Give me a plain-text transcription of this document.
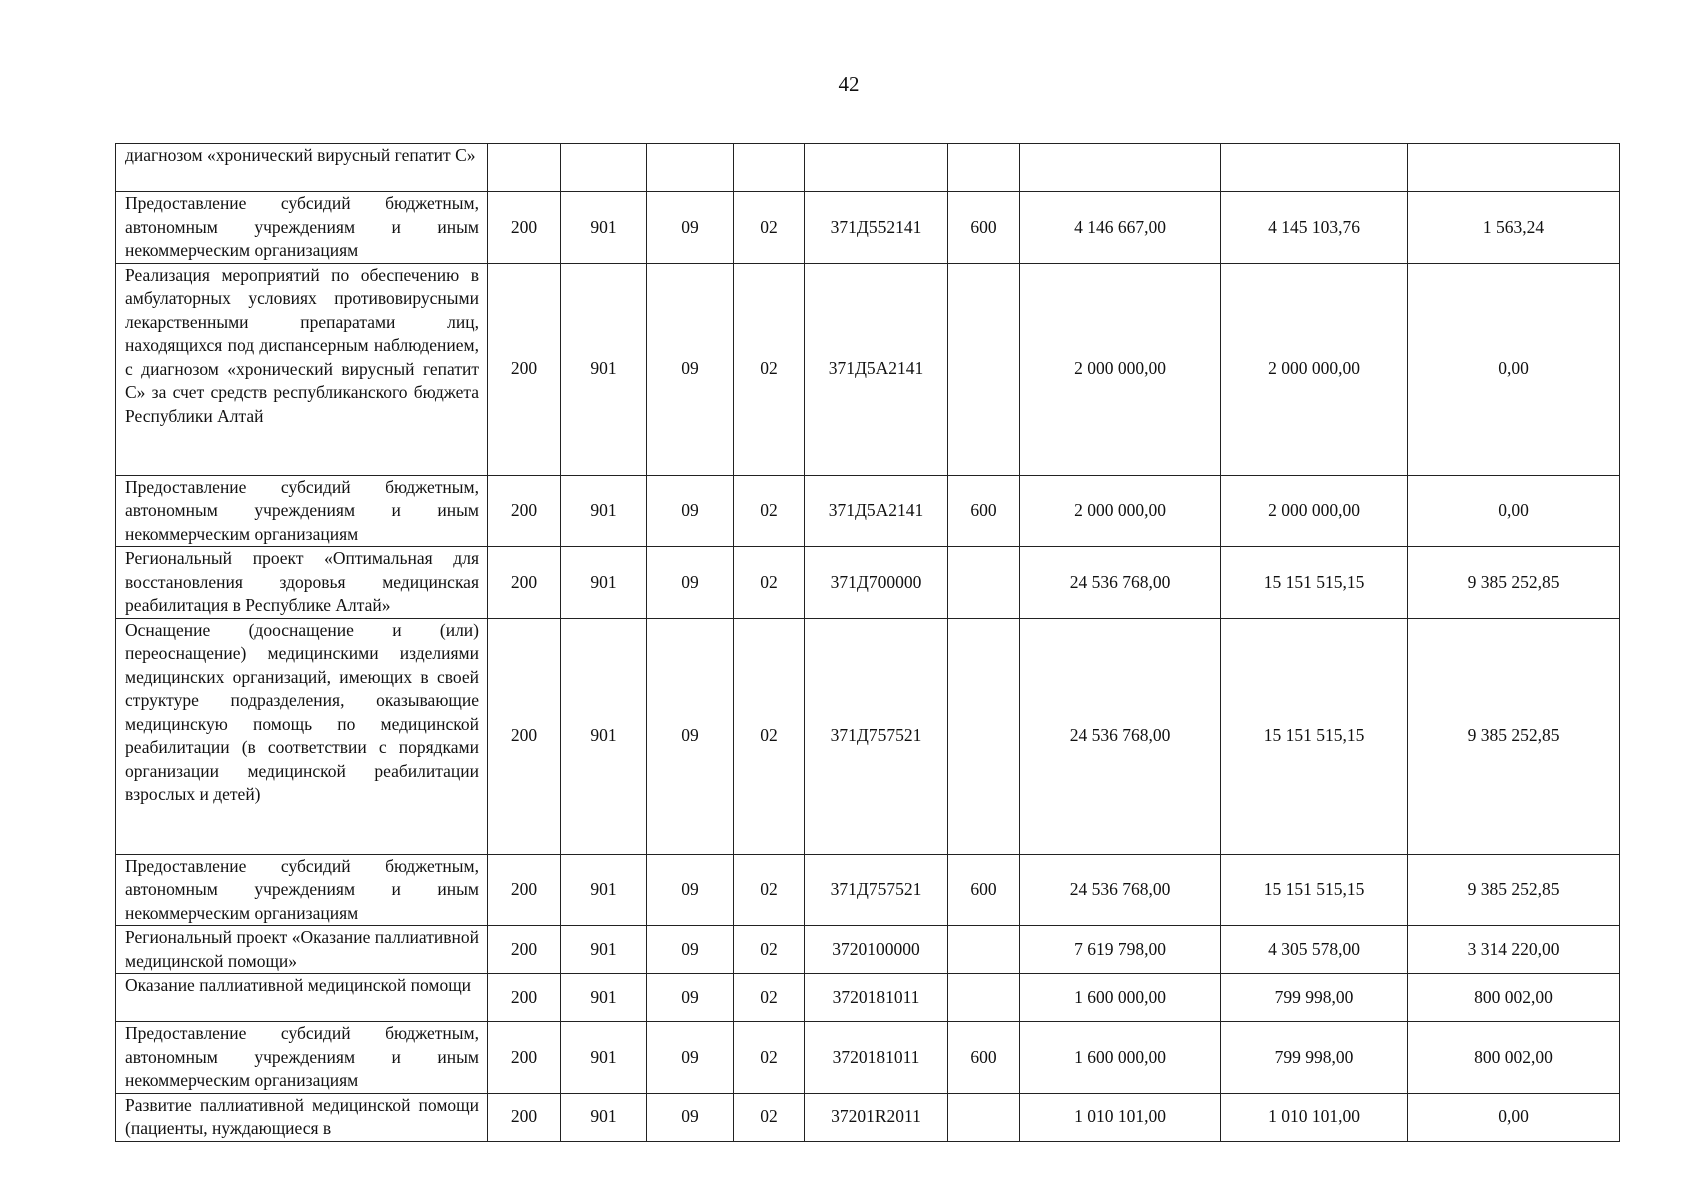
42
диагнозом «хронический вирусный гепатит С»									

Предоставление субсидий бюджетным, автономным учреждениям и иным некоммерческим организациям	200	901	09	02	371Д552141	600	4 146 667,00	4 145 103,76	1 563,24

Реализация мероприятий по обеспечению в амбулаторных условиях противовирусными лекарственными препаратами лиц, находящихся под диспансерным наблюдением, с диагнозом «хронический вирусный гепатит С» за счет средств республиканского бюджета Республики Алтай	200	901	09	02	371Д5А2141		2 000 000,00	2 000 000,00	0,00

Предоставление субсидий бюджетным, автономным учреждениям и иным некоммерческим организациям	200	901	09	02	371Д5А2141	600	2 000 000,00	2 000 000,00	0,00

Региональный проект «Оптимальная для восстановления здоровья медицинская реабилитация в Республике Алтай»	200	901	09	02	371Д700000		24 536 768,00	15 151 515,15	9 385 252,85

Оснащение (дооснащение и (или) переоснащение) медицинскими изделиями медицинских организаций, имеющих в своей структуре подразделения, оказывающие медицинскую помощь по медицинской реабилитации (в соответствии с порядками организации медицинской реабилитации взрослых и детей)	200	901	09	02	371Д757521		24 536 768,00	15 151 515,15	9 385 252,85

Предоставление субсидий бюджетным, автономным учреждениям и иным некоммерческим организациям	200	901	09	02	371Д757521	600	24 536 768,00	15 151 515,15	9 385 252,85

Региональный проект «Оказание паллиативной медицинской помощи»	200	901	09	02	3720100000		7 619 798,00	4 305 578,00	3 314 220,00

Оказание паллиативной медицинской помощи	200	901	09	02	3720181011		1 600 000,00	799 998,00	800 002,00

Предоставление субсидий бюджетным, автономным учреждениям и иным некоммерческим организациям	200	901	09	02	3720181011	600	1 600 000,00	799 998,00	800 002,00

Развитие паллиативной медицинской помощи (пациенты, нуждающиеся в	200	901	09	02	37201R2011		1 010 101,00	1 010 101,00	0,00
